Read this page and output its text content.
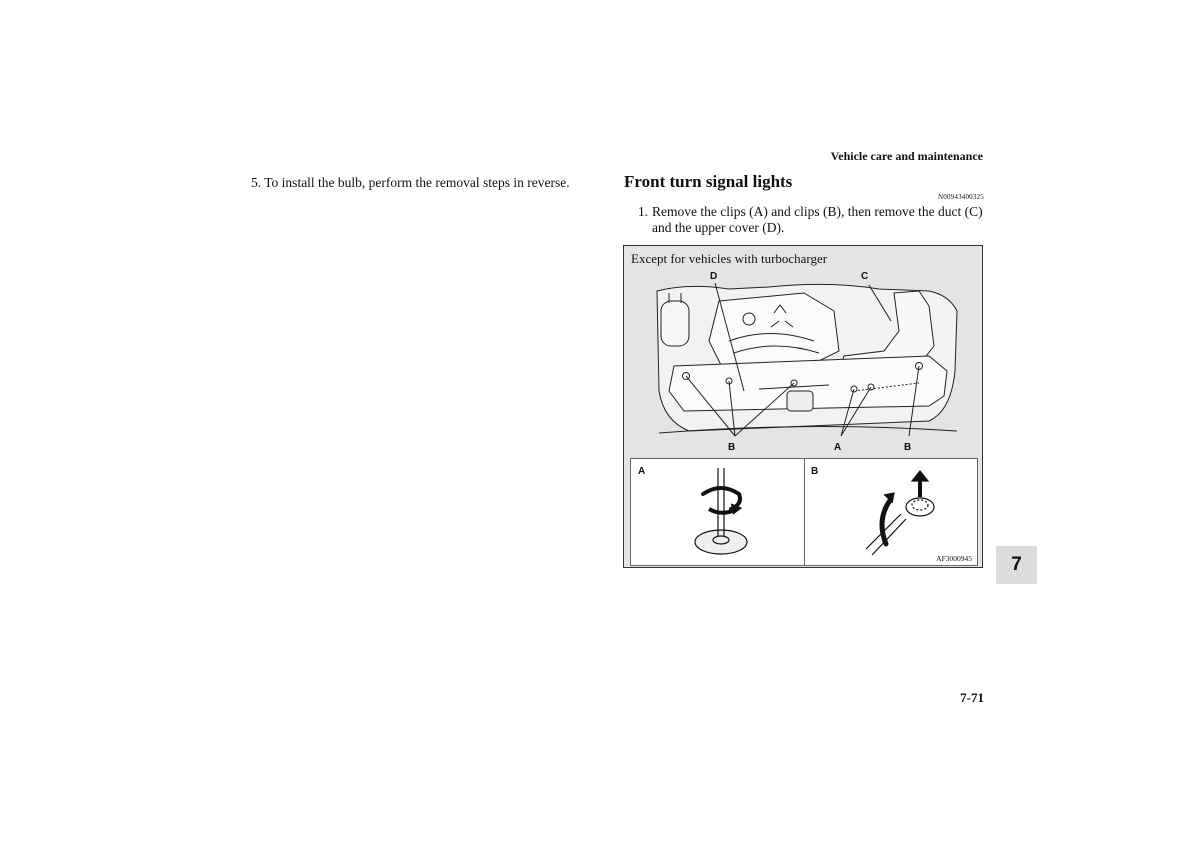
Vehicle care and maintenance
5. To install the bulb, perform the removal steps in reverse.	Front turn signal lights
N00943400325
1. Remove the clips (A) and clips (B), then remove the duct (C) and the upper cover (D).
Except for vehicles with turbocharger
D	C
B	A	B
A	B
AF3000945 7
7-71
